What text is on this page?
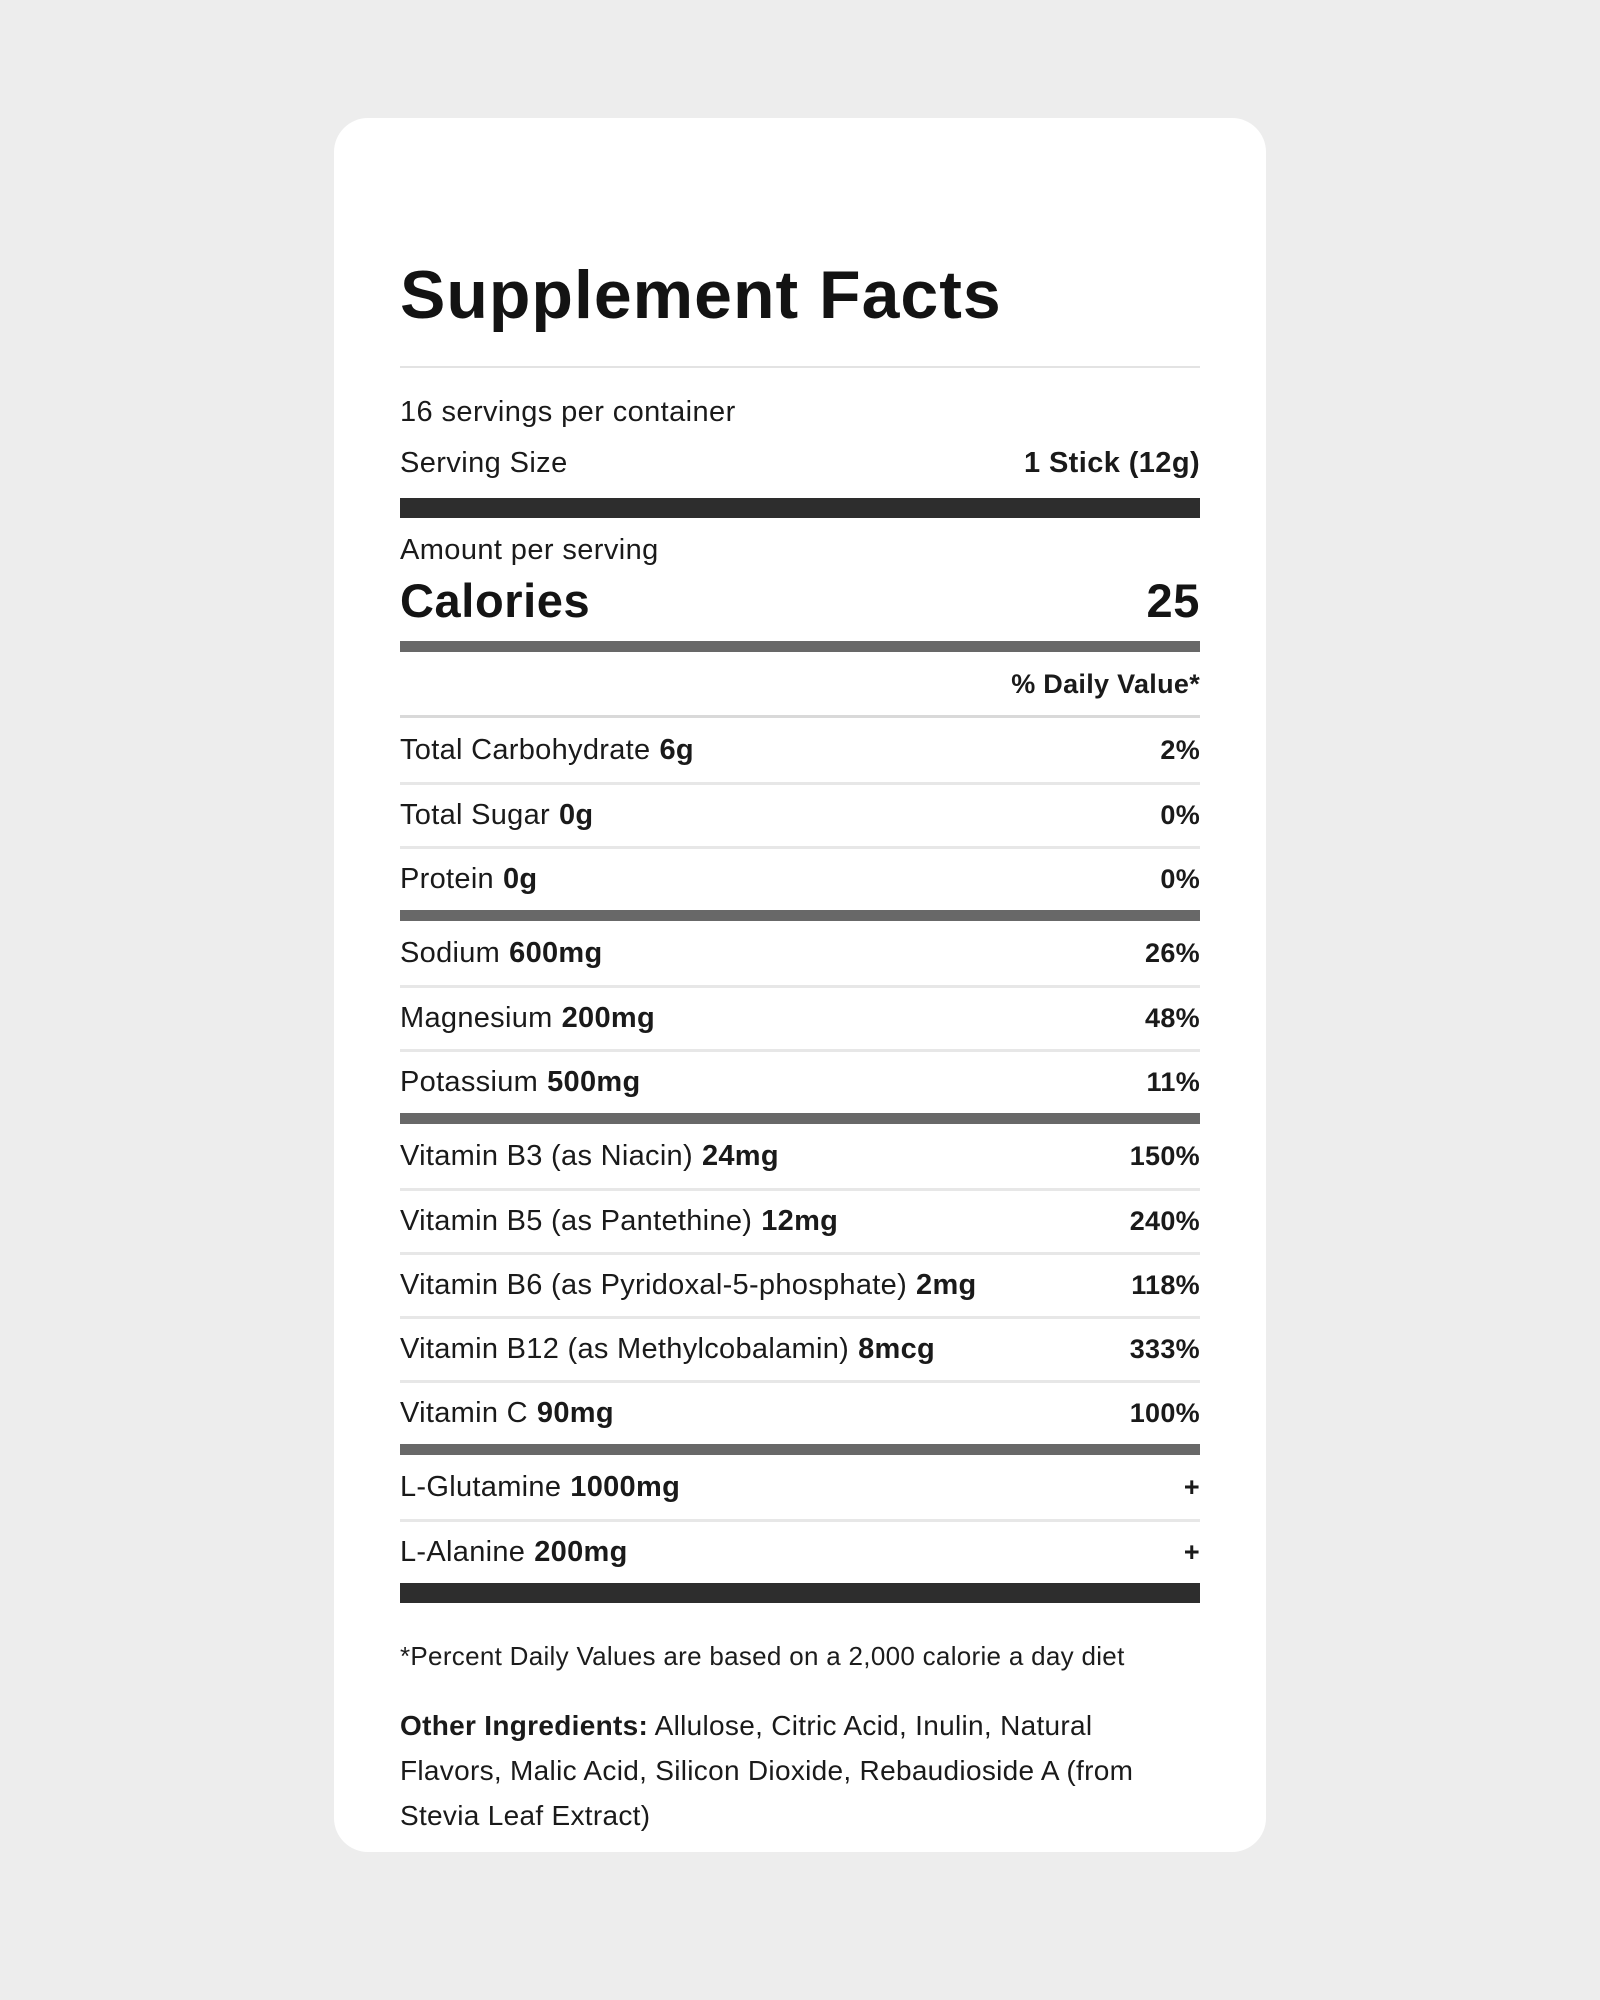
Supplement Facts
16 servings per container
Serving Size	1 Stick (12g)
Amount per serving
Calories	25
% Daily Value*
Total Carbohydrate 6g	2%
Total Sugar 0g	0%
Protein 0g	0%
Sodium 600mg	26%
Magnesium 200mg	48%
Potassium 500mg	11%
Vitamin B3 (as Niacin) 24mg	150%
Vitamin B5 (as Pantethine) 12mg	240%
Vitamin B6 (as Pyridoxal-5-phosphate) 2mg	118%
Vitamin B12 (as Methylcobalamin) 8mcg	333%
Vitamin C 90mg	100%
L-Glutamine 1000mg	+
L-Alanine 200mg	+
*Percent Daily Values are based on a 2,000 calorie a day diet
Other Ingredients: Allulose, Citric Acid, Inulin, Natural Flavors, Malic Acid, Silicon Dioxide, Rebaudioside A (from Stevia Leaf Extract)
